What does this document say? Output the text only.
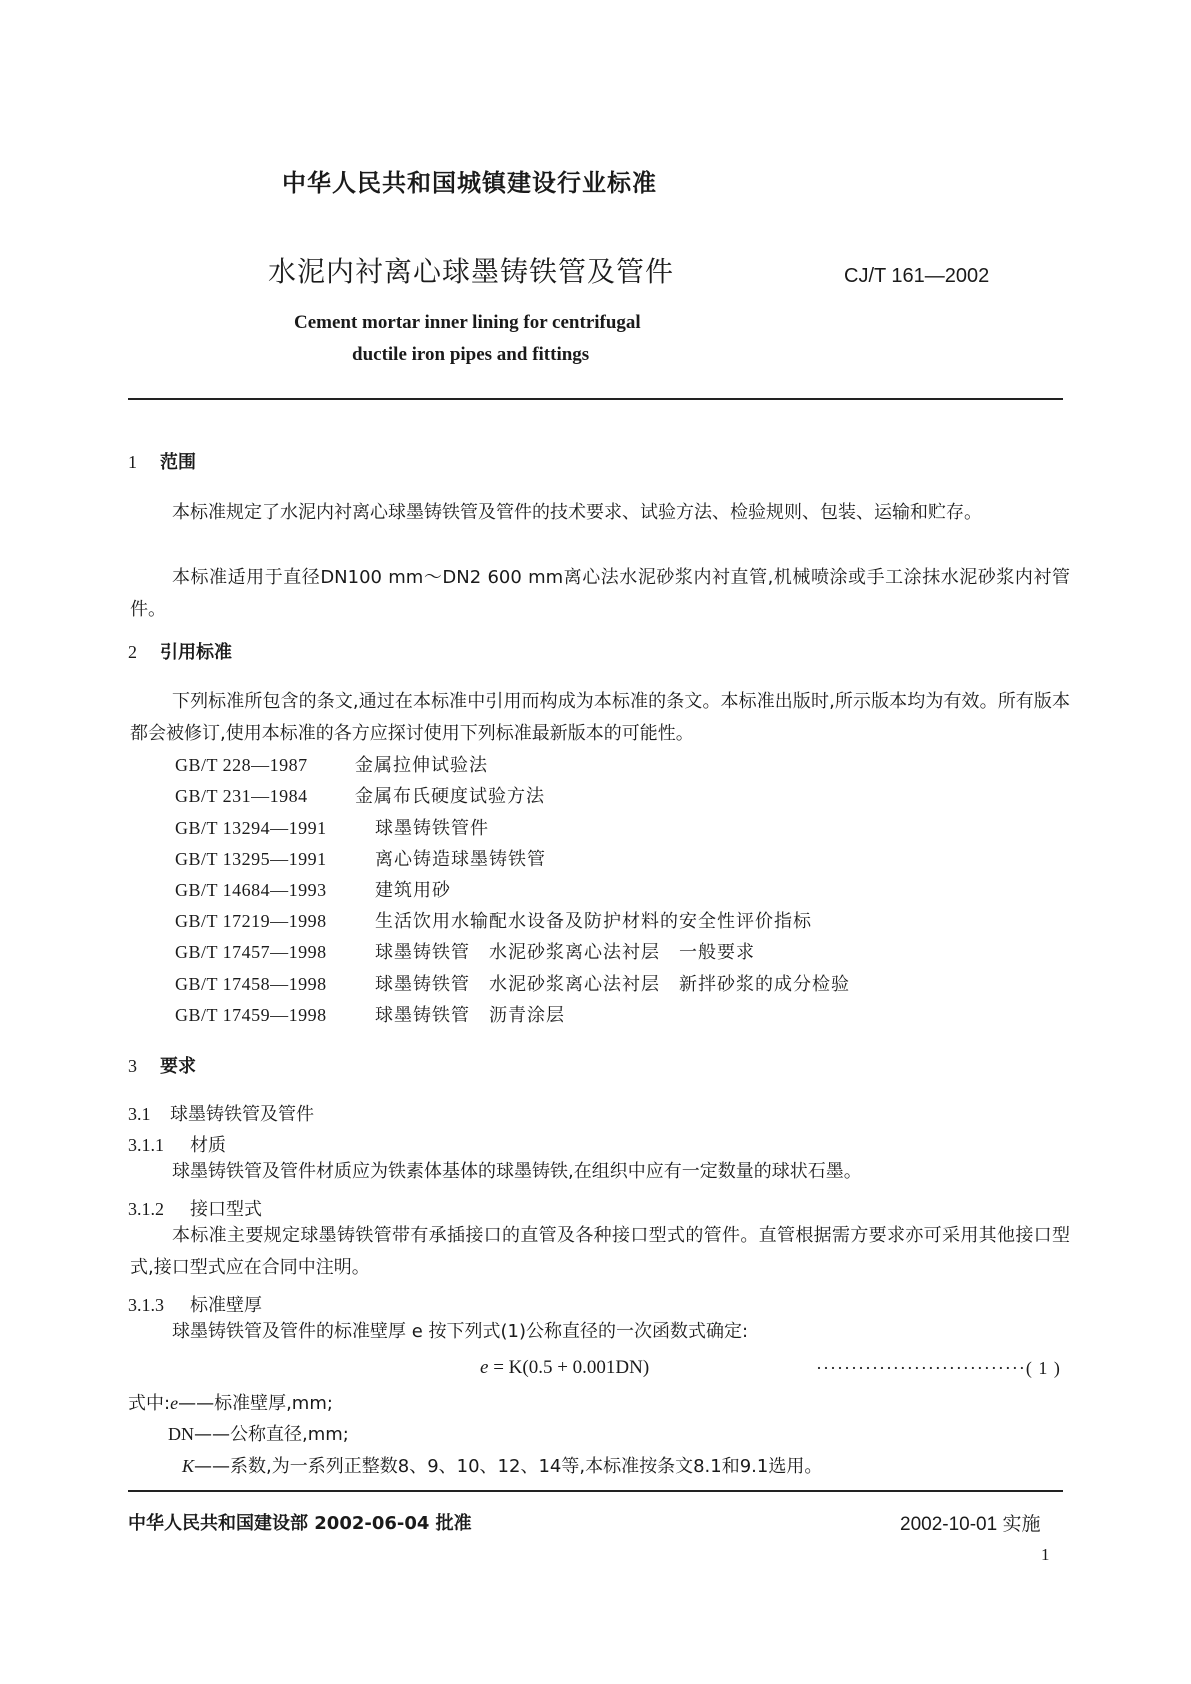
中华人民共和国城镇建设行业标准
水泥内衬离心球墨铸铁管及管件	CJ/T 161—2002
Cement mortar inner lining for centrifugal
ductile iron pipes and fittings
1 范围
本标准规定了水泥内衬离心球墨铸铁管及管件的技术要求、试验方法、检验规则、包装、运输和贮存。
本标准适用于直径DN100 mm～DN2 600 mm离心法水泥砂浆内衬直管,机械喷涂或手工涂抹水泥砂浆内衬管件。
2 引用标准
下列标准所包含的条文,通过在本标准中引用而构成为本标准的条文。本标准出版时,所示版本均为有效。所有版本都会被修订,使用本标准的各方应探讨使用下列标准最新版本的可能性。
GB/T 228—1987	金属拉伸试验法
GB/T 231—1984	金属布氏硬度试验方法
GB/T 13294—1991	球墨铸铁管件
GB/T 13295—1991	离心铸造球墨铸铁管
GB/T 14684—1993	建筑用砂
GB/T 17219—1998	生活饮用水输配水设备及防护材料的安全性评价指标
GB/T 17457—1998	球墨铸铁管　水泥砂浆离心法衬层　一般要求
GB/T 17458—1998	球墨铸铁管　水泥砂浆离心法衬层　新拌砂浆的成分检验
GB/T 17459—1998	球墨铸铁管　沥青涂层
3 要求
3.1 球墨铸铁管及管件
3.1.1 材质
球墨铸铁管及管件材质应为铁素体基体的球墨铸铁,在组织中应有一定数量的球状石墨。
3.1.2 接口型式
本标准主要规定球墨铸铁管带有承插接口的直管及各种接口型式的管件。直管根据需方要求亦可采用其他接口型式,接口型式应在合同中注明。
3.1.3 标准壁厚
球墨铸铁管及管件的标准壁厚 e 按下列式(1)公称直径的一次函数式确定:
e = K(0.5 + 0.001DN)	······························( 1 )
式中:e——标准壁厚,mm;
DN——公称直径,mm;
K——系数,为一系列正整数8、9、10、12、14等,本标准按条文8.1和9.1选用。
中华人民共和国建设部 2002-06-04 批准	2002-10-01 实施
1
